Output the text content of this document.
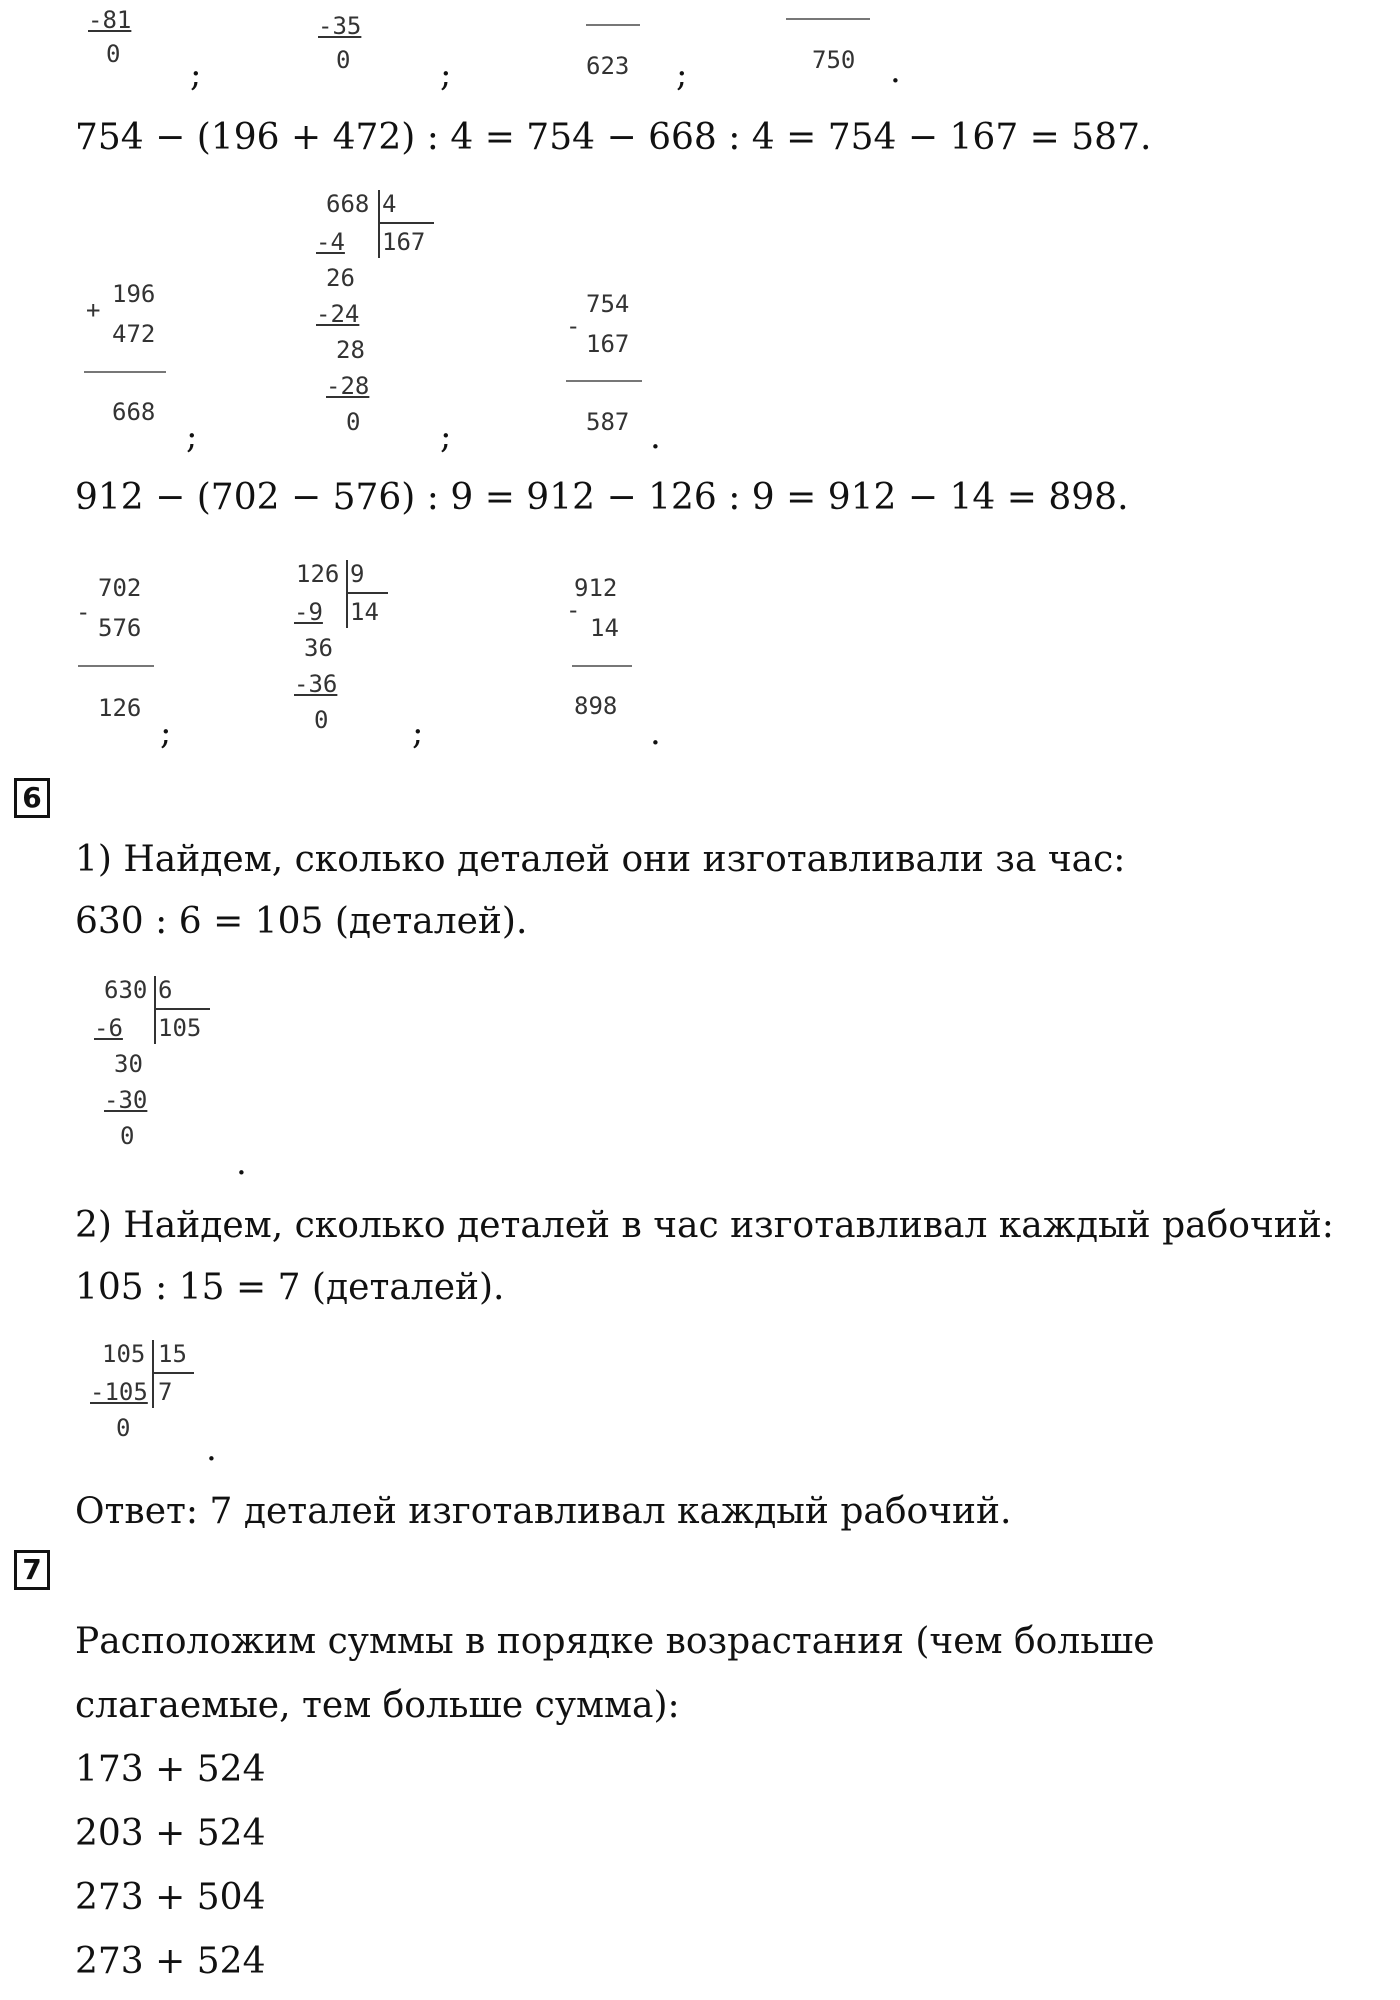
-81
0
;
-35
0	;	623 ;	750 .
754 − (196 + 472) : 4 = 754 − 668 : 4 = 754 − 167 = 587.
+
196
472
668
;
668 4
167
-4
26
-24
28
-28
0 ;
-
754
167
587 .
912 − (702 − 576) : 9 = 912 − 126 : 9 = 912 − 14 = 898.
-
702
576
126
;
126 9
14
-9
36
-36
0 ;
-
912
14
898
.
6
1) Найдем, сколько деталей они изготавливали за час:
630 : 6 = 105 (деталей).
630 6
105
-6
30
-30
0
.
2) Найдем, сколько деталей в час изготавливал каждый рабочий:
105 : 15 = 7 (деталей).
105 15
7
-105
0
.
Ответ: 7 деталей изготавливал каждый рабочий.
7
Расположим суммы в порядке возрастания (чем больше
слагаемые, тем больше сумма):
173 + 524
203 + 524
273 + 504
273 + 524
